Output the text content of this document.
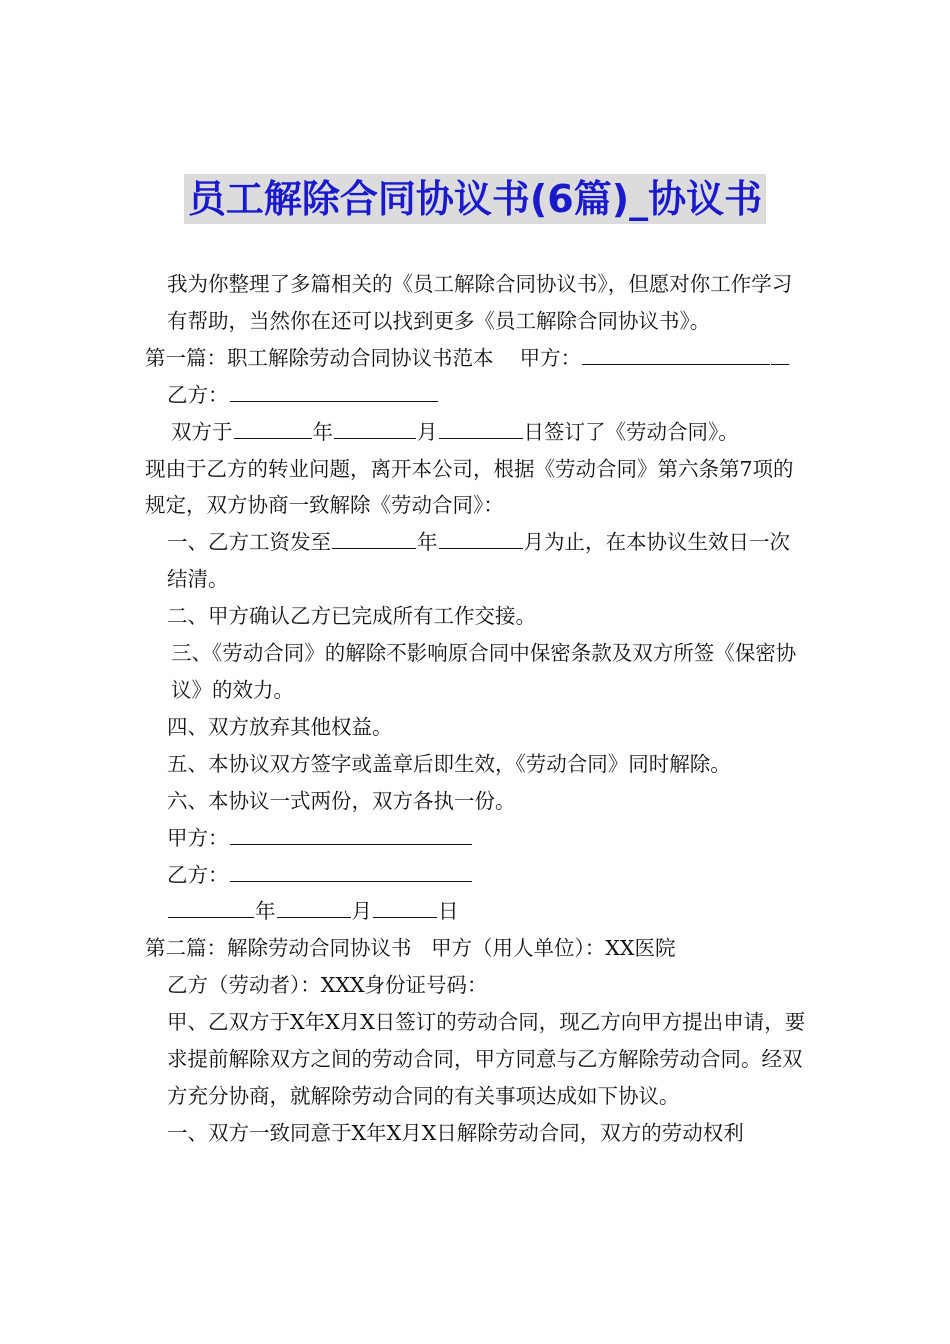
员工解除合同协议书(6篇)_协议书

我为你整理了多篇相关的《员工解除合同协议书》，但愿对你工作学习有帮助，当然你在还可以找到更多《员工解除合同协议书》。

第一篇：职工解除劳动合同协议书范本 甲方：

乙方：

双方于	年	月	日签订了《劳动合同》。

现由于乙方的转业问题，离开本公司，根据《劳动合同》第六条第7项的规定，双方协商一致解除《劳动合同》：

一、乙方工资发至	年	月为止，在本协议生效日一次结清。

二、甲方确认乙方已完成所有工作交接。

三、《劳动合同》的解除不影响原合同中保密条款及双方所签《保密协议》的效力。

四、双方放弃其他权益。

五、本协议双方签字或盖章后即生效，《劳动合同》同时解除。

六、本协议一式两份，双方各执一份。

甲方：

乙方：

年	月	日

第二篇：解除劳动合同协议书 甲方（用人单位）：XX医院

乙方（劳动者）：XXX身份证号码：

甲、乙双方于X年X月X日签订的劳动合同，现乙方向甲方提出申请，要求提前解除双方之间的劳动合同，甲方同意与乙方解除劳动合同。经双方充分协商，就解除劳动合同的有关事项达成如下协议。

一、双方一致同意于X年X月X日解除劳动合同，双方的劳动权利
